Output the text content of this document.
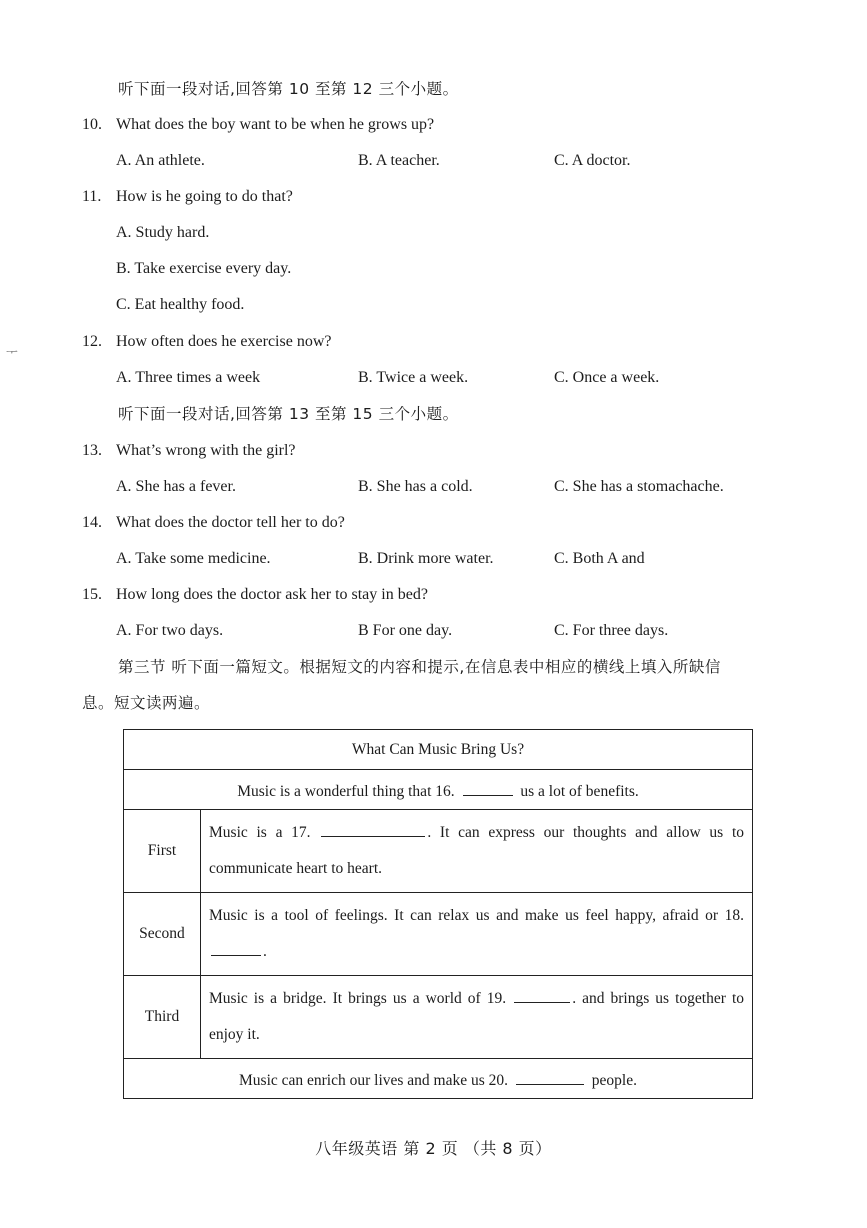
听下面一段对话,回答第 10 至第 12 三个小题。
10. What does the boy want to be when he grows up?
A. An athlete.	B. A teacher.	C. A doctor.
11. How is he going to do that?
A. Study hard.
B. Take exercise every day.
C. Eat healthy food.
ᅮ
12. How often does he exercise now?
A. Three times a week	B. Twice a week.	C. Once a week.
听下面一段对话,回答第 13 至第 15 三个小题。
13. What’s wrong with the girl?
A. She has a fever.	B. She has a cold.	C. She has a stomachache.
14. What does the doctor tell her to do?
A. Take some medicine.	B. Drink more water.	C. Both A and
15. How long does the doctor ask her to stay in bed?
A. For two days.	B For one day.	C. For three days.
第三节 听下面一篇短文。根据短文的内容和提示,在信息表中相应的横线上填入所缺信
息。短文读两遍。
What Can Music Bring Us?	
Music is a wonderful thing that 16. us a lot of benefits.	
First	Music is a 17. . It can express our thoughts and allow us to communicate heart to heart.
Second	Music is a tool of feelings. It can relax us and make us feel happy, afraid or 18. .
Third	Music is a bridge. It brings us a world of 19. . and brings us together to enjoy it.
Music can enrich our lives and make us 20. people.	
八年级英语 第 2 页 （共 8 页）
